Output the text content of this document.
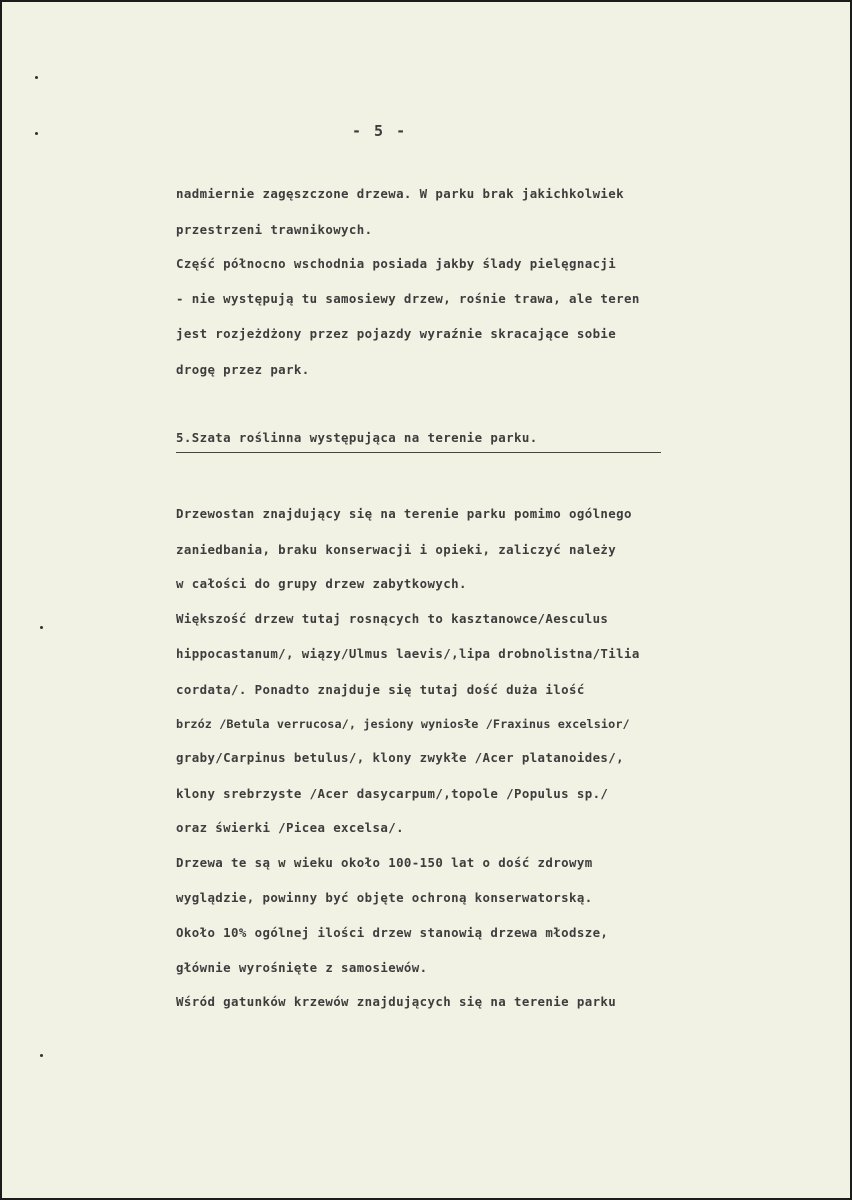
- 5 -

nadmiernie zagęszczone drzewa. W parku brak jakichkolwiek

przestrzeni trawnikowych.

Część północno wschodnia posiada jakby ślady pielęgnacji

- nie występują tu samosiewy drzew, rośnie trawa, ale teren

jest rozjeżdżony przez pojazdy wyraźnie skracające sobie

drogę przez park.

5.Szata roślinna występująca na terenie parku.

Drzewostan znajdujący się na terenie parku pomimo ogólnego

zaniedbania, braku konserwacji i opieki, zaliczyć należy

w całości do grupy drzew zabytkowych.

Większość drzew tutaj rosnących to kasztanowce/Aesculus

hippocastanum/, wiązy/Ulmus laevis/,lipa drobnolistna/Tilia

cordata/. Ponadto znajduje się tutaj dość duża ilość

brzóz /Betula verrucosa/, jesiony wyniosłe /Fraxinus excelsior/

graby/Carpinus betulus/, klony zwykłe /Acer platanoides/,

klony srebrzyste /Acer dasycarpum/,topole /Populus sp./

oraz świerki /Picea excelsa/.

Drzewa te są w wieku około 100-150 lat o dość zdrowym

wyglądzie, powinny być objęte ochroną konserwatorską.

Około 10% ogólnej ilości drzew stanowią drzewa młodsze,

głównie wyrośnięte z samosiewów.

Wśród gatunków krzewów znajdujących się na terenie parku
